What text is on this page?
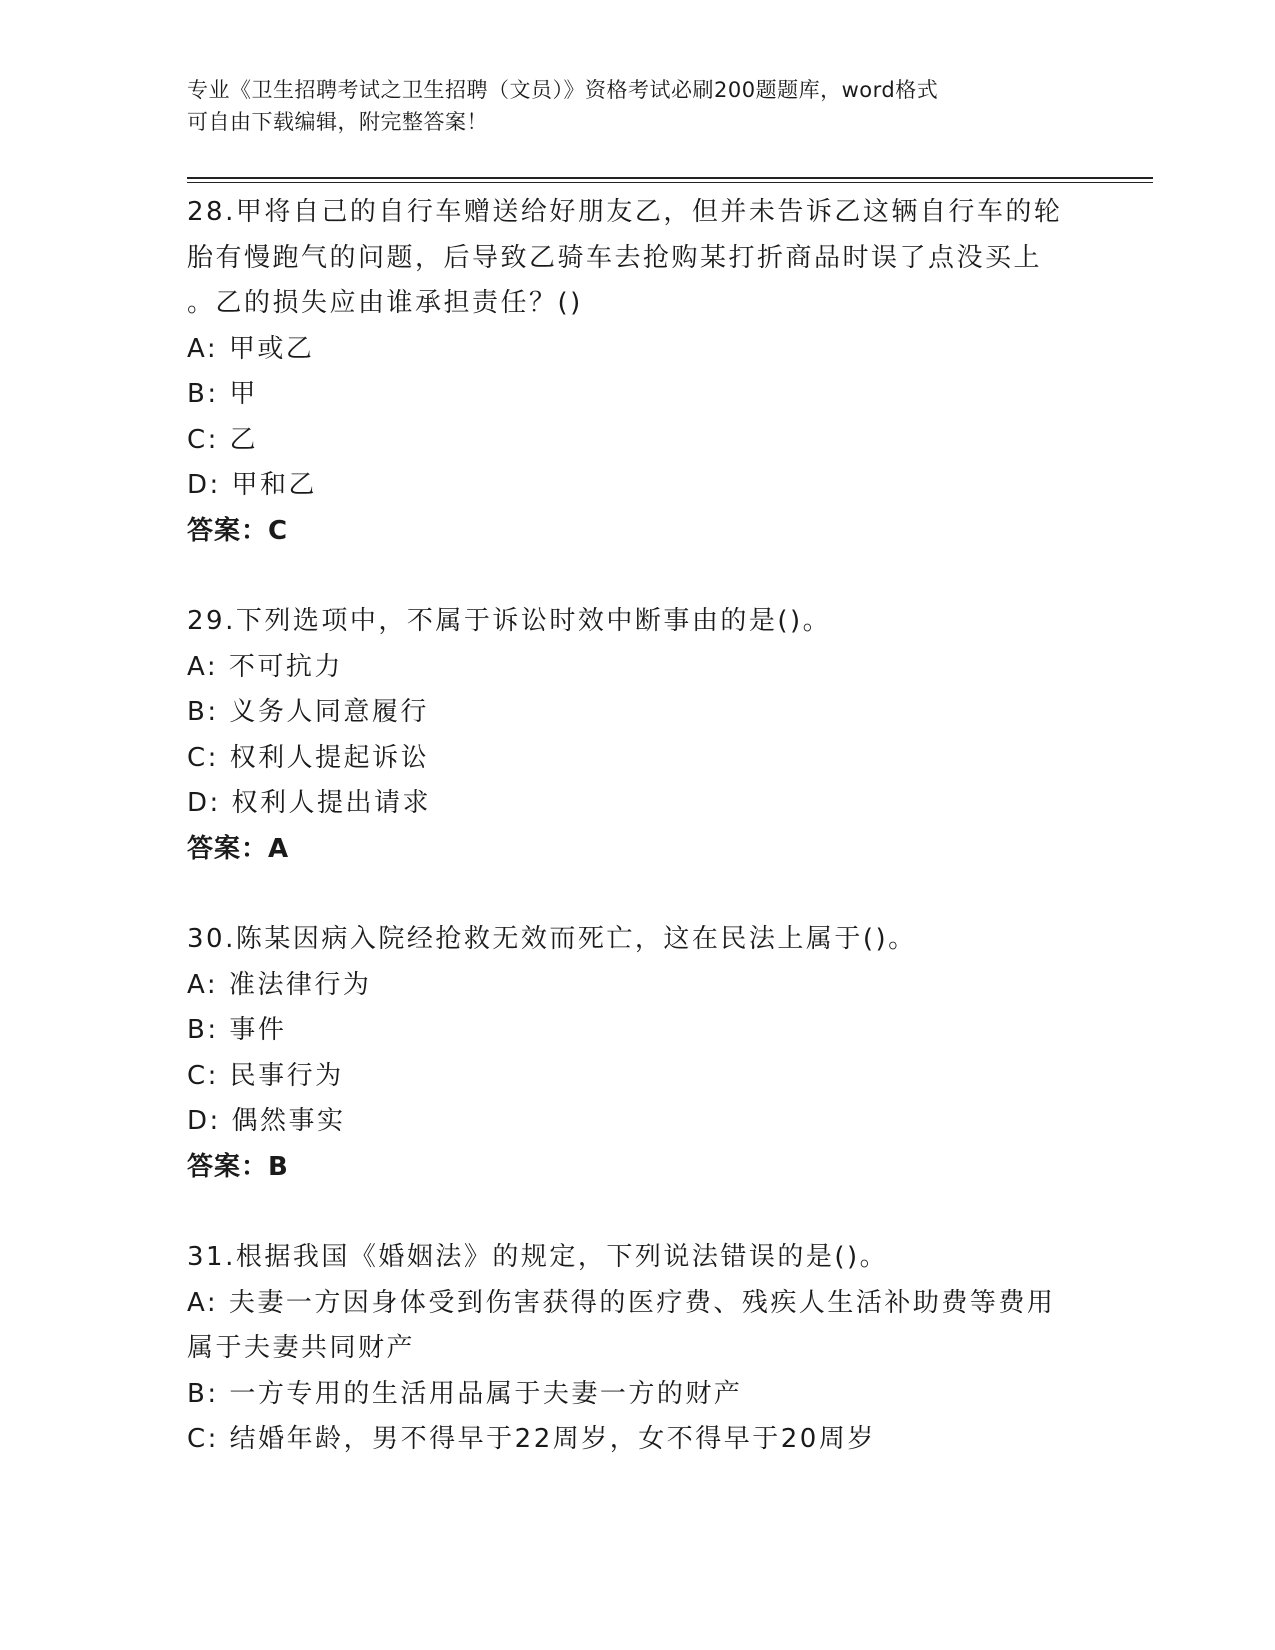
专业《卫生招聘考试之卫生招聘（文员）》资格考试必刷200题题库，word格式
可自由下载编辑，附完整答案！
28.甲将自己的自行车赠送给好朋友乙，但并未告诉乙这辆自行车的轮
胎有慢跑气的问题，后导致乙骑车去抢购某打折商品时误了点没买上
。乙的损失应由谁承担责任？()
A: 甲或乙
B: 甲
C: 乙
D: 甲和乙
答案：C
29.下列选项中，不属于诉讼时效中断事由的是()。
A: 不可抗力
B: 义务人同意履行
C: 权利人提起诉讼
D: 权利人提出请求
答案：A
30.陈某因病入院经抢救无效而死亡，这在民法上属于()。
A: 准法律行为
B: 事件
C: 民事行为
D: 偶然事实
答案：B
31.根据我国《婚姻法》的规定，下列说法错误的是()。
A: 夫妻一方因身体受到伤害获得的医疗费、残疾人生活补助费等费用
属于夫妻共同财产
B: 一方专用的生活用品属于夫妻一方的财产
C: 结婚年龄，男不得早于22周岁，女不得早于20周岁
